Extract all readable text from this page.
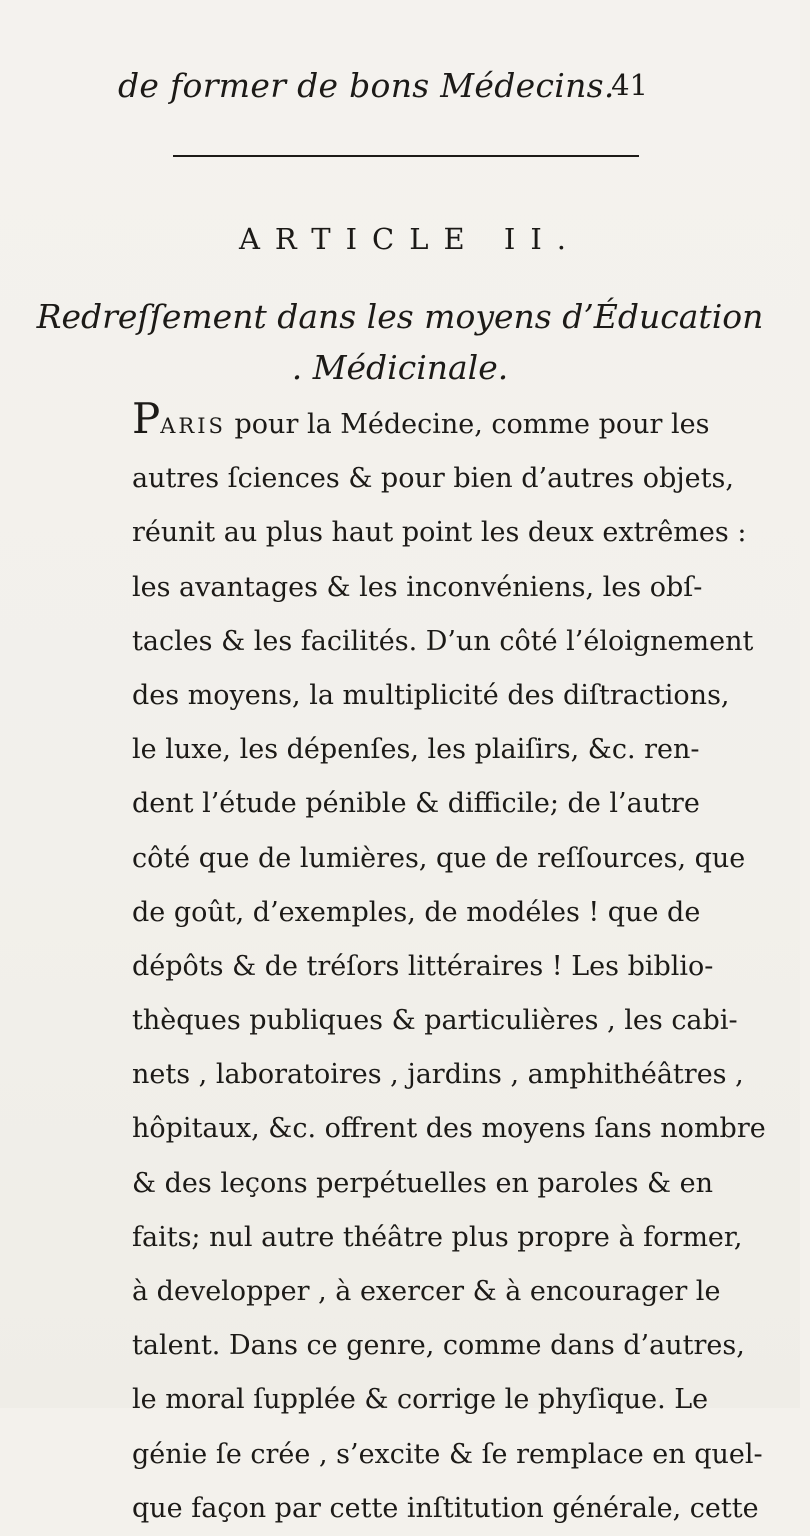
de former de bons Médecins.
41
ARTICLE II.
Redreſſement dans les moyens d’Éducation
. Médicinale.
PARIS pour la Médecine, comme pour les
autres ſciences & pour bien d’autres objets,
réunit au plus haut point les deux extrêmes :
les avantages & les inconvéniens, les obſ-
tacles & les facilités. D’un côté l’éloignement
des moyens, la multiplicité des diſtractions,
le luxe, les dépenſes, les plaiſirs, &c. ren-
dent l’étude pénible & difficile; de l’autre
côté que de lumières, que de reſſources, que
de goût, d’exemples, de modéles ! que de
dépôts & de tréſors littéraires ! Les biblio-
thèques publiques & particulières , les cabi-
nets , laboratoires , jardins , amphithéâtres ,
hôpitaux, &c. offrent des moyens ſans nombre
& des leçons perpétuelles en paroles & en
faits; nul autre théâtre plus propre à former,
à developper , à exercer & à encourager le
talent. Dans ce genre, comme dans d’autres,
le moral ſupplée & corrige le phyſique. Le
génie ſe crée , s’excite & ſe remplace en quel-
que façon par cette inſtitution générale, cette
